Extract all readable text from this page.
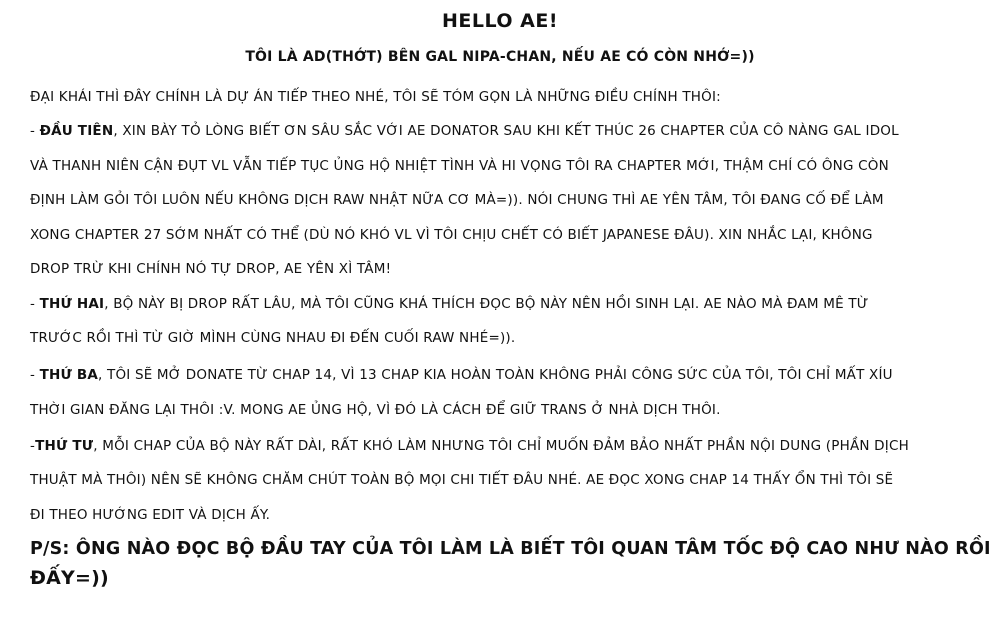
HELLO AE!
TÔI LÀ AD(THỚT) BÊN GAL NIPA-CHAN, NẾU AE CÓ CÒN NHỚ=))
ĐẠI KHÁI THÌ ĐÂY CHÍNH LÀ DỰ ÁN TIẾP THEO NHÉ, TÔI SẼ TÓM GỌN LÀ NHỮNG ĐIỀU CHÍNH THÔI:
- ĐẦU TIÊN, XIN BÀY TỎ LÒNG BIẾT ƠN SÂU SẮC VỚI AE DONATOR SAU KHI KẾT THÚC 26 CHAPTER CỦA CÔ NÀNG GAL IDOL
VÀ THANH NIÊN CẬN ĐỤT VL VẪN TIẾP TỤC ỦNG HỘ NHIỆT TÌNH VÀ HI VỌNG TÔI RA CHAPTER MỚI, THẬM CHÍ CÓ ÔNG CÒN
ĐỊNH LÀM GỎI TÔI LUÔN NẾU KHÔNG DỊCH RAW NHẬT NỮA CƠ MÀ=)). NÓI CHUNG THÌ AE YÊN TÂM, TÔI ĐANG CỐ ĐỂ LÀM
XONG CHAPTER 27 SỚM NHẤT CÓ THỂ (DÙ NÓ KHÓ VL VÌ TÔI CHỊU CHẾT CÓ BIẾT JAPANESE ĐÂU). XIN NHẮC LẠI, KHÔNG
DROP TRỪ KHI CHÍNH NÓ TỰ DROP, AE YÊN XÌ TÂM!
- THỨ HAI, BỘ NÀY BỊ DROP RẤT LÂU, MÀ TÔI CŨNG KHÁ THÍCH ĐỌC BỘ NÀY NÊN HỒI SINH LẠI. AE NÀO MÀ ĐAM MÊ TỪ
TRƯỚC RỒI THÌ TỪ GIỜ MÌNH CÙNG NHAU ĐI ĐẾN CUỐI RAW NHÉ=)).
- THỨ BA, TÔI SẼ MỞ DONATE TỪ CHAP 14, VÌ 13 CHAP KIA HOÀN TOÀN KHÔNG PHẢI CÔNG SỨC CỦA TÔI, TÔI CHỈ MẤT XÍU
THỜI GIAN ĐĂNG LẠI THÔI :V. MONG AE ỦNG HỘ, VÌ ĐÓ LÀ CÁCH ĐỂ GIỮ TRANS Ở NHÀ DỊCH THÔI.
-THỨ TƯ, MỖI CHAP CỦA BỘ NÀY RẤT DÀI, RẤT KHÓ LÀM NHƯNG TÔI CHỈ MUỐN ĐẢM BẢO NHẤT PHẦN NỘI DUNG (PHẦN DỊCH
THUẬT MÀ THÔI) NÊN SẼ KHÔNG CHĂM CHÚT TOÀN BỘ MỌI CHI TIẾT ĐÂU NHÉ. AE ĐỌC XONG CHAP 14 THẤY ỔN THÌ TÔI SẼ
ĐI THEO HƯỚNG EDIT VÀ DỊCH ẤY.
P/S: ÔNG NÀO ĐỌC BỘ ĐẦU TAY CỦA TÔI LÀM LÀ BIẾT TÔI QUAN TÂM TỐC ĐỘ CAO NHƯ NÀO RỒI
ĐẤY=))
